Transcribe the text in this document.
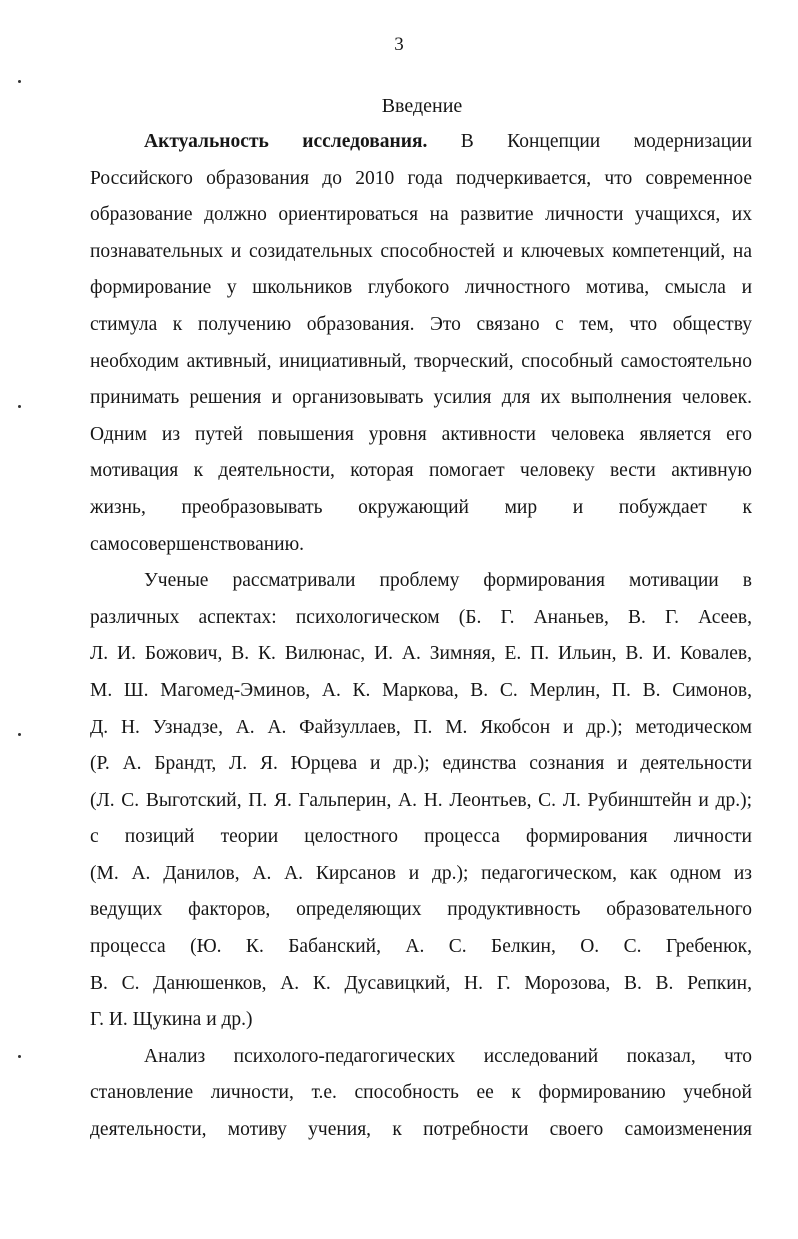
3
Введение
Актуальность исследования. В Концепции модернизации
Российского образования до 2010 года подчеркивается, что современное
образование должно ориентироваться на развитие личности учащихся, их
познавательных и созидательных способностей и ключевых компетенций, на
формирование у школьников глубокого личностного мотива, смысла и
стимула к получению образования. Это связано с тем, что обществу
необходим активный, инициативный, творческий, способный самостоятельно
принимать решения и организовывать усилия для их выполнения человек.
Одним из путей повышения уровня активности человека является его
мотивация к деятельности, которая помогает человеку вести активную
жизнь, преобразовывать окружающий мир и побуждает к
самосовершенствованию.
Ученые рассматривали проблему формирования мотивации в
различных аспектах: психологическом (Б. Г. Ананьев, В. Г. Асеев,
Л. И. Божович, В. К. Вилюнас, И. А. Зимняя, Е. П. Ильин, В. И. Ковалев,
М. Ш. Магомед-Эминов, А. К. Маркова, В. С. Мерлин, П. В. Симонов,
Д. Н. Узнадзе, А. А. Файзуллаев, П. М. Якобсон и др.); методическом
(Р. А. Брандт, Л. Я. Юрцева и др.); единства сознания и деятельности
(Л. С. Выготский, П. Я. Гальперин, А. Н. Леонтьев, С. Л. Рубинштейн и др.);
с позиций теории целостного процесса формирования личности
(М. А. Данилов, А. А. Кирсанов и др.); педагогическом, как одном из
ведущих факторов, определяющих продуктивность образовательного
процесса (Ю. К. Бабанский, А. С. Белкин, О. С. Гребенюк,
В. С. Данюшенков, А. К. Дусавицкий, Н. Г. Морозова, В. В. Репкин,
Г. И. Щукина и др.)
Анализ психолого-педагогических исследований показал, что
становление личности, т.е. способность ее к формированию учебной
деятельности, мотиву учения, к потребности своего самоизменения
